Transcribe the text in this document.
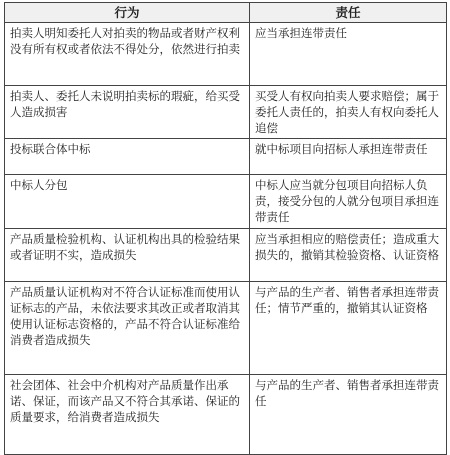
行为	责任
拍卖人明知委托人对拍卖的物品或者财产权利没有所有权或者依法不得处分，依然进行拍卖	应当承担连带责任
拍卖人、委托人未说明拍卖标的瑕疵，给买受人造成损害	买受人有权向拍卖人要求赔偿；属于委托人责任的，拍卖人有权向委托人追偿
投标联合体中标	就中标项目向招标人承担连带责任
中标人分包	中标人应当就分包项目向招标人负责，接受分包的人就分包项目承担连带责任
产品质量检验机构、认证机构出具的检验结果或者证明不实，造成损失	应当承担相应的赔偿责任；造成重大损失的，撤销其检验资格、认证资格
产品质量认证机构对不符合认证标准而使用认证标志的产品，未依法要求其改正或者取消其使用认证标志资格的，产品不符合认证标准给消费者造成损失	与产品的生产者、销售者承担连带责任；情节严重的，撤销其认证资格
社会团体、社会中介机构对产品质量作出承诺、保证，而该产品又不符合其承诺、保证的质量要求，给消费者造成损失	与产品的生产者、销售者承担连带责任
